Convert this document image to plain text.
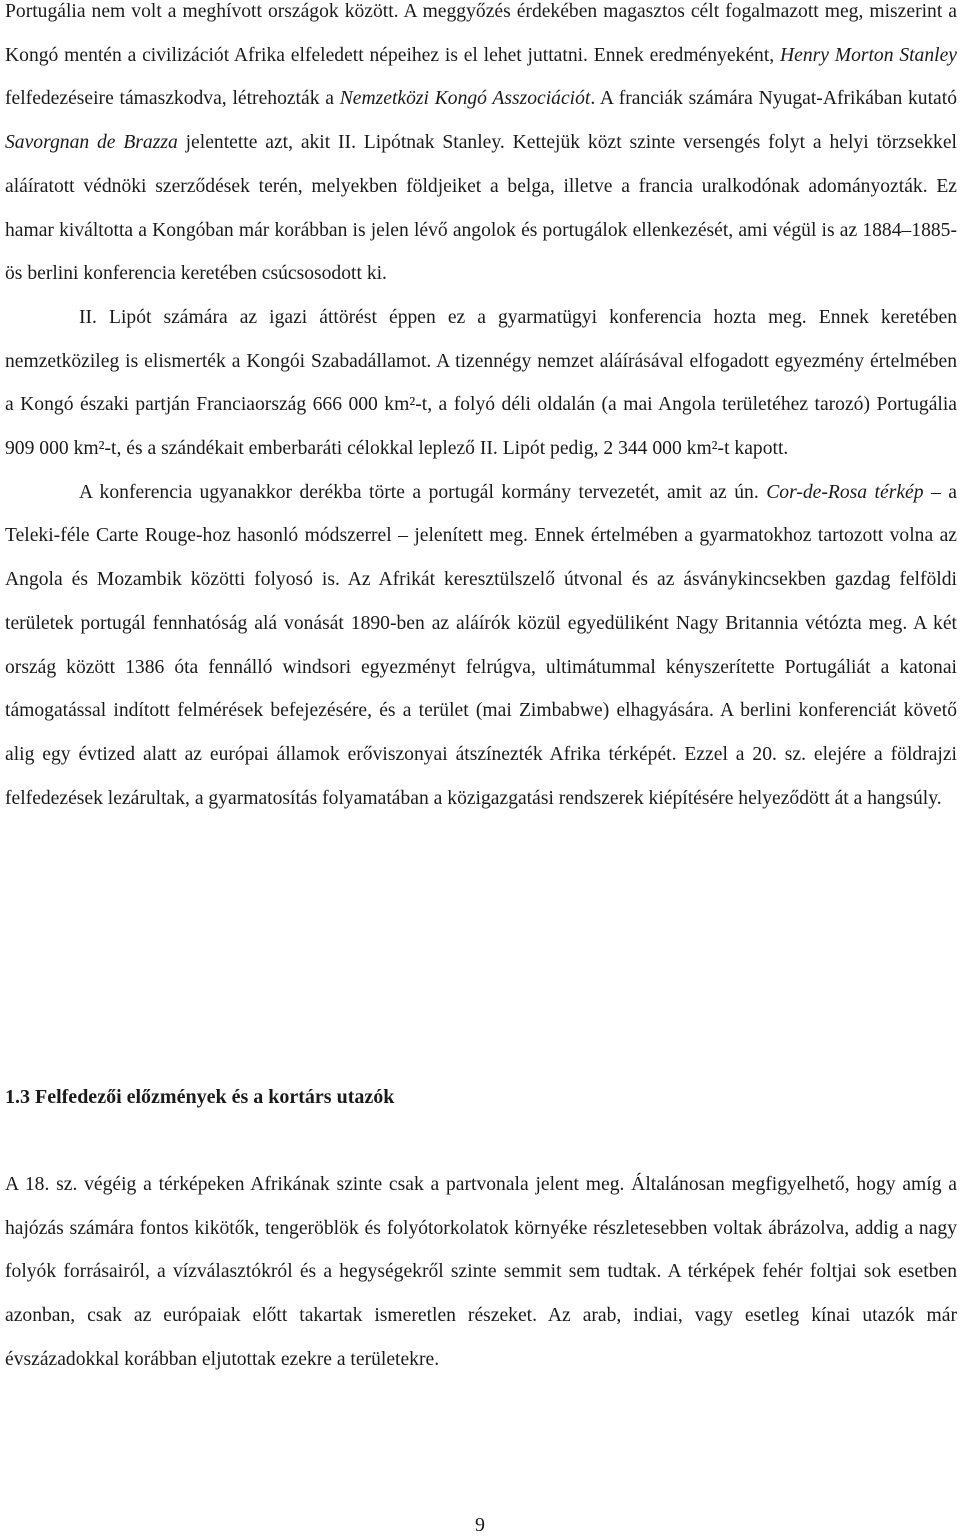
Portugália nem volt a meghívott országok között. A meggyőzés érdekében magasztos célt fogalmazott meg, miszerint a Kongó mentén a civilizációt Afrika elfeledett népeihez is el lehet juttatni. Ennek eredményeként, Henry Morton Stanley felfedezéseire támaszkodva, létrehozták a Nemzetközi Kongó Asszociációt. A franciák számára Nyugat-Afrikában kutató Savorgnan de Brazza jelentette azt, akit II. Lipótnak Stanley. Kettejük közt szinte versengés folyt a helyi törzsekkel aláíratott védnöki szerződések terén, melyekben földjeiket a belga, illetve a francia uralkodónak adományozták. Ez hamar kiváltotta a Kongóban már korábban is jelen lévő angolok és portugálok ellenkezését, ami végül is az 1884–1885-ös berlini konferencia keretében csúcsosodott ki.

II. Lipót számára az igazi áttörést éppen ez a gyarmatügyi konferencia hozta meg. Ennek keretében nemzetközileg is elismerték a Kongói Szabadállamot. A tizennégy nemzet aláírásával elfogadott egyezmény értelmében a Kongó északi partján Franciaország 666 000 km²-t, a folyó déli oldalán (a mai Angola területéhez tarozó) Portugália 909 000 km²-t, és a szándékait emberbaráti célokkal leplező II. Lipót pedig, 2 344 000 km²-t kapott.

A konferencia ugyanakkor derékba törte a portugál kormány tervezetét, amit az ún. Cor-de-Rosa térkép – a Teleki-féle Carte Rouge-hoz hasonló módszerrel – jelenített meg. Ennek értelmében a gyarmatokhoz tartozott volna az Angola és Mozambik közötti folyosó is. Az Afrikát keresztülszelő útvonal és az ásványkincsekben gazdag felföldi területek portugál fennhatóság alá vonását 1890-ben az aláírók közül egyedüliként Nagy Britannia vétózta meg. A két ország között 1386 óta fennálló windsori egyezményt felrúgva, ultimátummal kényszerítette Portugáliát a katonai támogatással indított felmérések befejezésére, és a terület (mai Zimbabwe) elhagyására. A berlini konferenciát követő alig egy évtized alatt az európai államok erőviszonyai átszínezték Afrika térképét. Ezzel a 20. sz. elejére a földrajzi felfedezések lezárultak, a gyarmatosítás folyamatában a közigazgatási rendszerek kiépítésére helyeződött át a hangsúly.

1.3 Felfedezői előzmények és a kortárs utazók

A 18. sz. végéig a térképeken Afrikának szinte csak a partvonala jelent meg. Általánosan megfigyelhető, hogy amíg a hajózás számára fontos kikötők, tengeröblök és folyótorkolatok környéke részletesebben voltak ábrázolva, addig a nagy folyók forrásairól, a vízválasztókról és a hegységekről szinte semmit sem tudtak. A térképek fehér foltjai sok esetben azonban, csak az európaiak előtt takartak ismeretlen részeket. Az arab, indiai, vagy esetleg kínai utazók már évszázadokkal korábban eljutottak ezekre a területekre.

9
